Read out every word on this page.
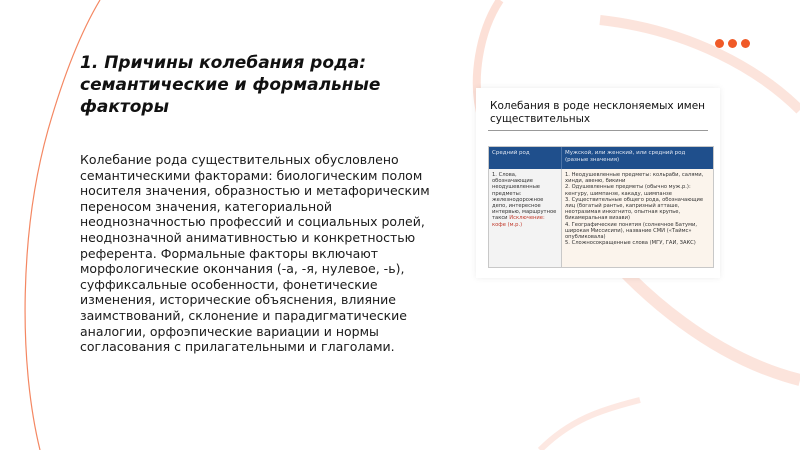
1. Причины колебания рода: семантические и формальные факторы
Колебание рода существительных обусловлено семантическими факторами: биологическим полом носителя значения, образностью и метафорическим переносом значения, категориальной неоднозначностью профессий и социальных ролей, неоднозначной анимативностью и конкретностью референта. Формальные факторы включают морфологические окончания (-а, -я, нулевое, -ь), суффиксальные особенности, фонетические изменения, исторические объяснения, влияние заимствований, склонение и парадигматические аналогии, орфоэпические вариации и нормы согласования с прилагательными и глаголами.
Колебания в роде несклоняемых имен существительных
Средний род	Мужской, или женский, или средний род (разные значения)
1. Слова, обозначающие неодушевленные предметы: железнодорожное депо, интересное интервью, маршрутное такси Исключение: кофе (м.р.)
1. Неодушевленные предметы: кольраби, салями, хинди, авеню, бикини
2. Одушевленные предметы (обычно муж.р.): кенгуру, шимпанзе, какаду, шимпанзе
3. Существительные общего рода, обозначающие лиц (богатый рантье, капризный атташе, неотразимая инкогнито, опытная крупье, бикамеральная визави)
4. Географические понятия (солнечное Батуми, широкая Миссисипи), название СМИ («Таймс» опубликовала)
5. Сложносокращенные слова (МГУ, ГАИ, ЗАКС)
